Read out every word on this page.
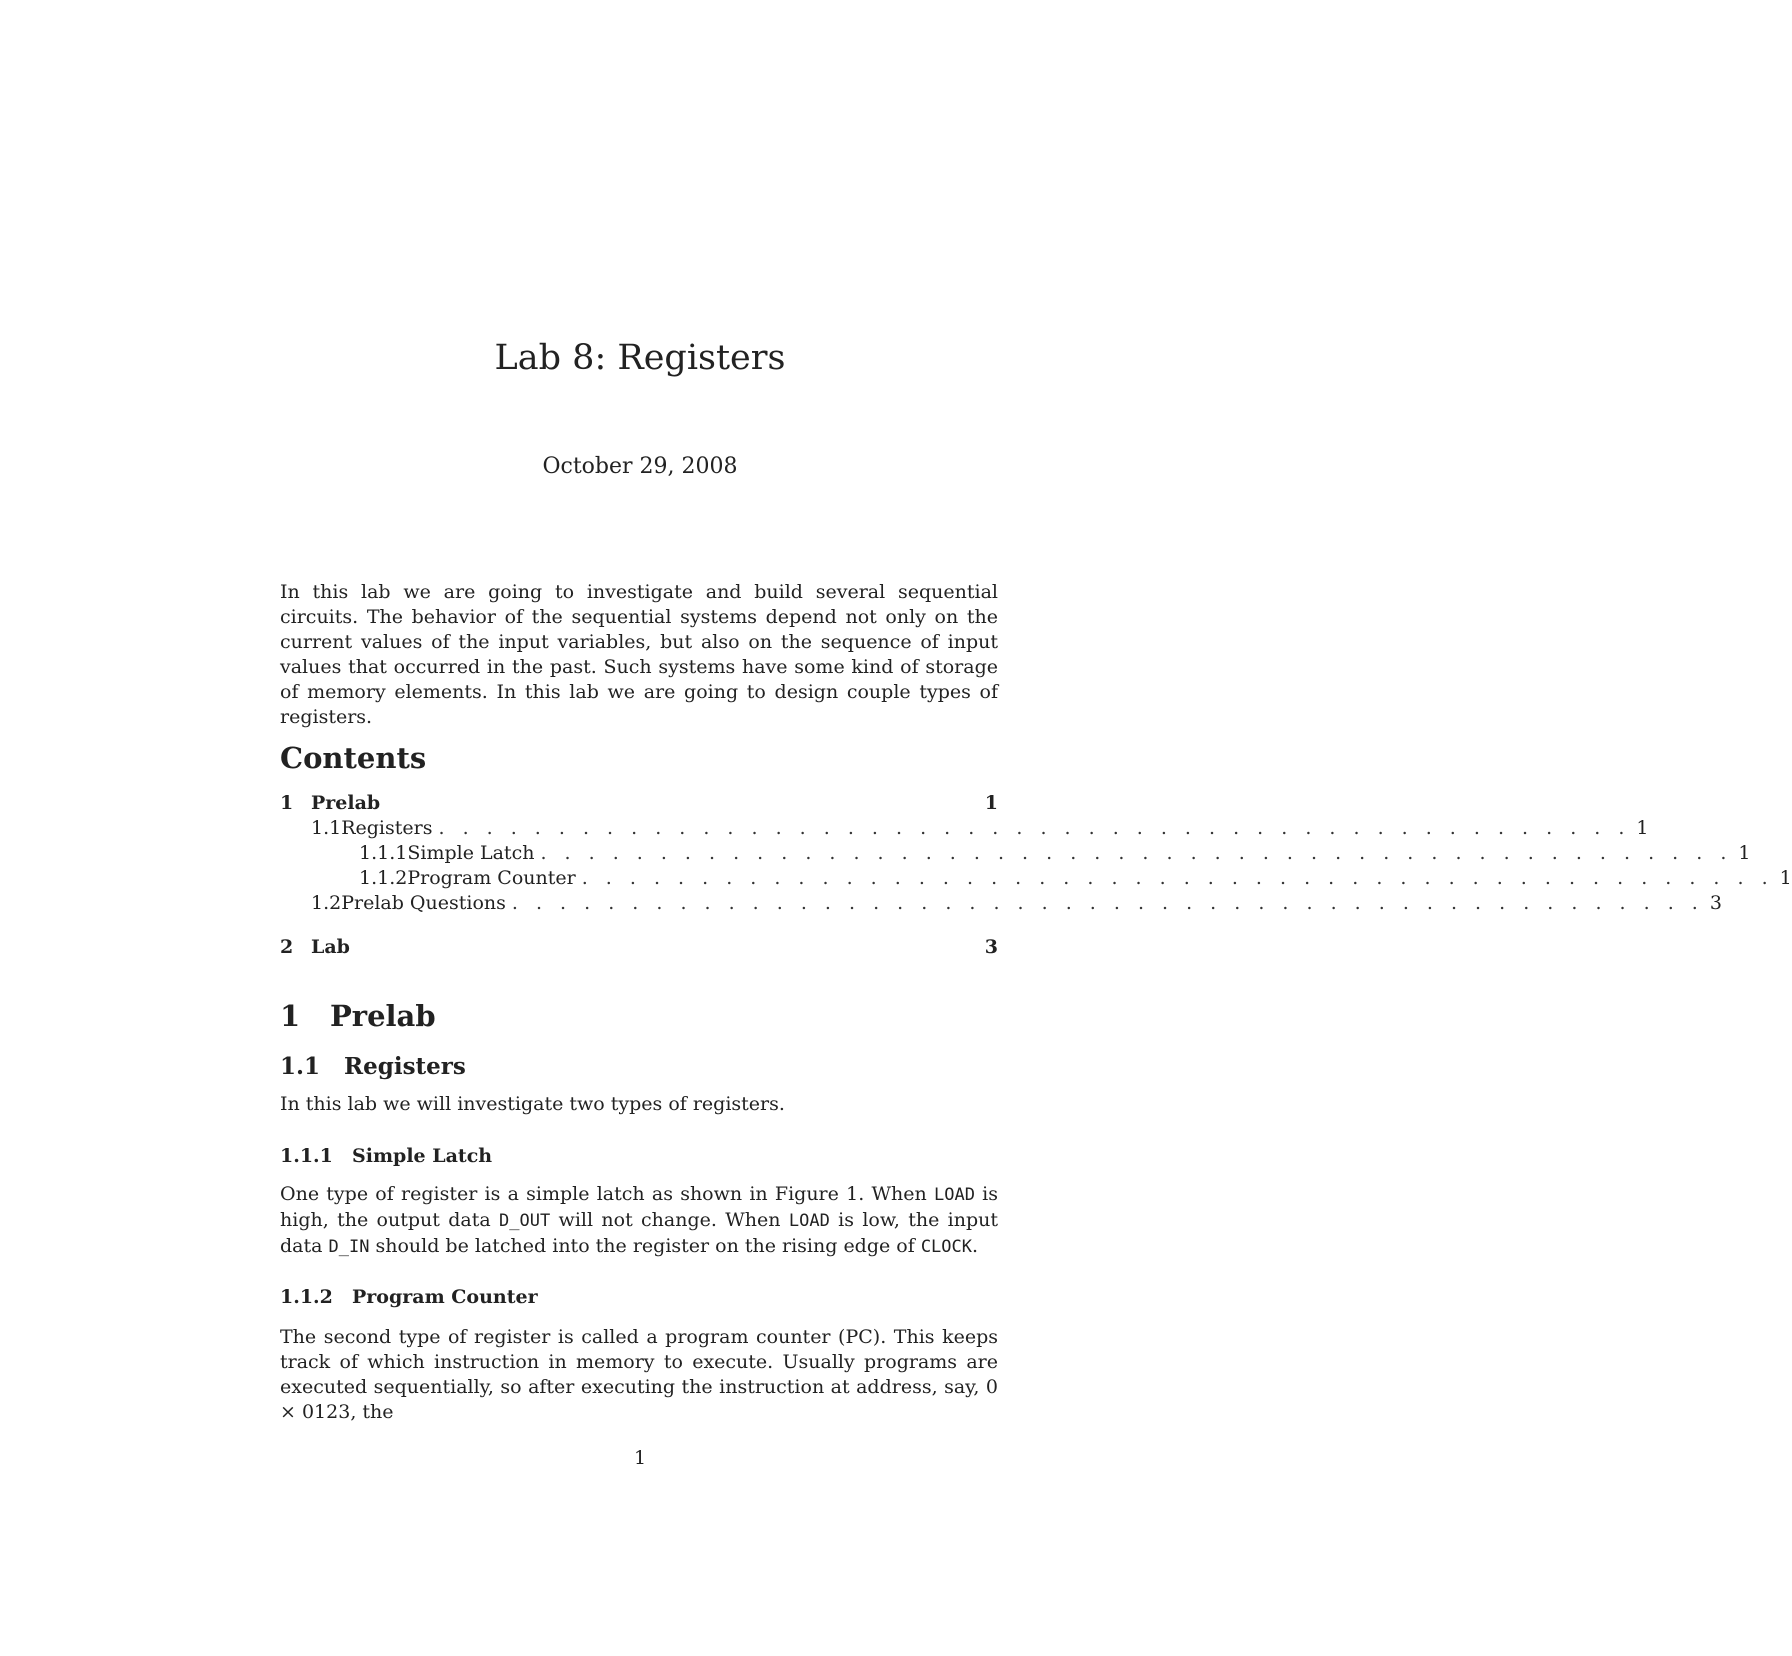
Lab 8: Registers
October 29, 2008

In this lab we are going to investigate and build several sequential circuits. The behavior of the sequential systems depend not only on the current values of the input variables, but also on the sequence of input values that occurred in the past. Such systems have some kind of storage of memory elements. In this lab we are going to design couple types of registers.

Contents
1 Prelab	1
1.1 Registers . . . . . . . . . . . . . . . . . . . . . . . . . . . . . . . . . . . . . . . . . . . . . . . . . . 1
1.1.1 Simple Latch . . . . . . . . . . . . . . . . . . . . . . . . . . . . . . . . . . . . . . . . . . . . . . . . . . 1
1.1.2 Program Counter . . . . . . . . . . . . . . . . . . . . . . . . . . . . . . . . . . . . . . . . . . . . . . . . . . 1
1.2 Prelab Questions . . . . . . . . . . . . . . . . . . . . . . . . . . . . . . . . . . . . . . . . . . . . . . . . . . 3
2 Lab	3
1 Prelab
1.1 Registers

In this lab we will investigate two types of registers.

1.1.1 Simple Latch

One type of register is a simple latch as shown in Figure 1. When LOAD is high, the output data D_OUT will not change. When LOAD is low, the input data D_IN should be latched into the register on the rising edge of CLOCK.

1.1.2 Program Counter

The second type of register is called a program counter (PC). This keeps track of which instruction in memory to execute. Usually programs are executed sequentially, so after executing the instruction at address, say, 0 × 0123, the

1
